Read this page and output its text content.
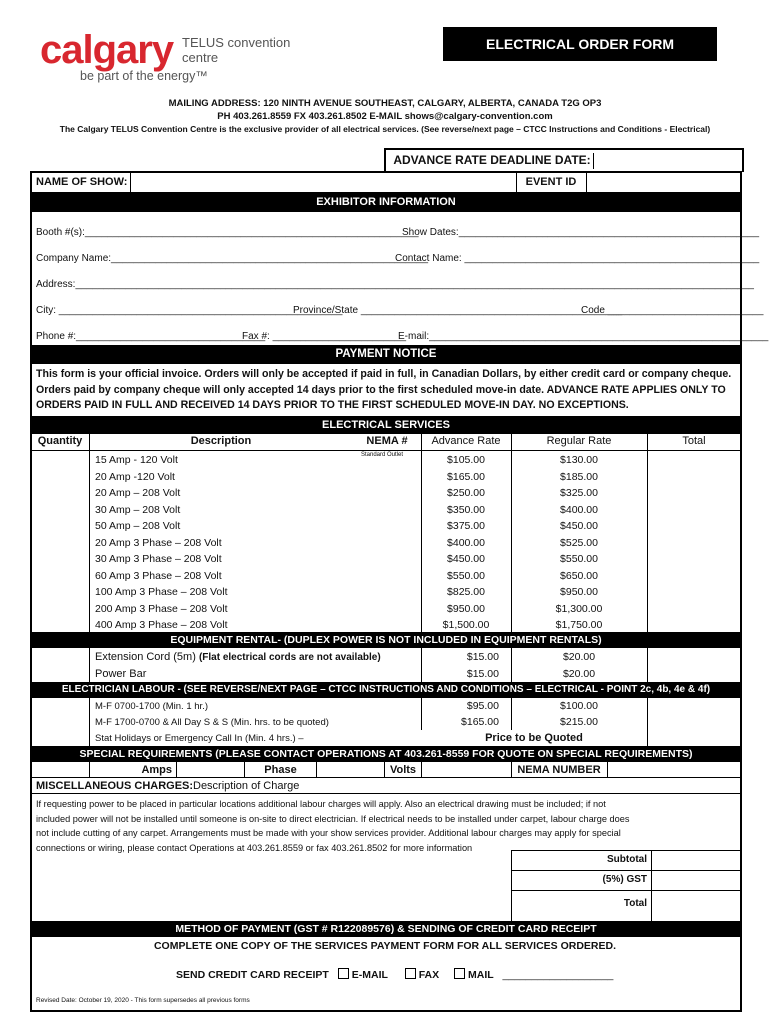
calgary TELUS convention
centre
be part of the energy™
ELECTRICAL ORDER FORM
MAILING ADDRESS: 120 NINTH AVENUE SOUTHEAST, CALGARY, ALBERTA, CANADA T2G OP3
PH 403.261.8559 FX 403.261.8502 E-MAIL shows@calgary-convention.com
The Calgary TELUS Convention Centre is the exclusive provider of all electrical services. (See reverse/next page – CTCC Instructions and Conditions - Electrical)
ADVANCE RATE DEADLINE DATE:
NAME OF SHOW:	EVENT ID
EXHIBITOR INFORMATION
Booth #(s):____________________________________________________________
Show Dates:______________________________________________________
Company Name:_________________________________________________________
Contact Name: _____________________________________________________
Address:__________________________________________________________________________________________________________________________
City: ___________________________________________________
Province/State _______________________________________________
Code ____________________________
Phone #:__________________________________
Fax #: ________________________
E-mail:_____________________________________________________________
PAYMENT NOTICE
This form is your official invoice. Orders will only be accepted if paid in full, in Canadian Dollars, by either credit card or company cheque. Orders paid by company cheque will only accepted 14 days prior to the first scheduled move-in date. ADVANCE RATE APPLIES ONLY TO ORDERS PAID IN FULL AND RECEIVED 14 DAYS PRIOR TO THE FIRST SCHEDULED MOVE-IN DAY. NO EXCEPTIONS.
ELECTRICAL SERVICES
Quantity	Description	NEMA #	Advance Rate	Regular Rate	Total
Standard Outlet
15 Amp - 120 Volt	$105.00	$130.00
20 Amp -120 Volt	$165.00	$185.00
20 Amp – 208 Volt	$250.00	$325.00
30 Amp – 208 Volt	$350.00	$400.00
50 Amp – 208 Volt	$375.00	$450.00
20 Amp 3 Phase – 208 Volt	$400.00	$525.00
30 Amp 3 Phase – 208 Volt	$450.00	$550.00
60 Amp 3 Phase – 208 Volt	$550.00	$650.00
100 Amp 3 Phase – 208 Volt	$825.00	$950.00
200 Amp 3 Phase – 208 Volt	$950.00	$1,300.00
400 Amp 3 Phase – 208 Volt	$1,500.00	$1,750.00
EQUIPMENT RENTAL- (DUPLEX POWER IS NOT INCLUDED IN EQUIPMENT RENTALS)
Extension Cord (5m) (Flat electrical cords are not available)	$15.00	$20.00
Power Bar	$15.00	$20.00
ELECTRICIAN LABOUR - (SEE REVERSE/NEXT PAGE – CTCC INSTRUCTIONS AND CONDITIONS – ELECTRICAL - POINT 2c, 4b, 4e & 4f)
M-F 0700-1700 (Min. 1 hr.)	$95.00	$100.00
M-F 1700-0700 & All Day S & S (Min. hrs. to be quoted)	$165.00	$215.00
Stat Holidays or Emergency Call In (Min. 4 hrs.) –	Price to be Quoted
SPECIAL REQUIREMENTS (PLEASE CONTACT OPERATIONS AT 403.261-8559 FOR QUOTE ON SPECIAL REQUIREMENTS)
Amps	Phase	Volts	NEMA NUMBER
MISCELLANEOUS CHARGES: Description of Charge
If requesting power to be placed in particular locations additional labour charges will apply. Also an electrical drawing must be included; if not included power will not be installed until someone is on-site to direct electrician. If electrical needs to be installed under carpet, labour charge does not include cutting of any carpet. Arrangements must be made with your show services provider. Additional labour charges may apply for special connections or wiring, please contact Operations at 403.261.8559 or fax 403.261.8502 for more information
Subtotal
(5%) GST
Total
METHOD OF PAYMENT (GST # R122089576) & SENDING OF CREDIT CARD RECEIPT
COMPLETE ONE COPY OF THE SERVICES PAYMENT FORM FOR ALL SERVICES ORDERED.
SEND CREDIT CARD RECEIPT E-MAIL	FAX	MAIL ___________________
Revised Date: October 19, 2020 - This form supersedes all previous forms
